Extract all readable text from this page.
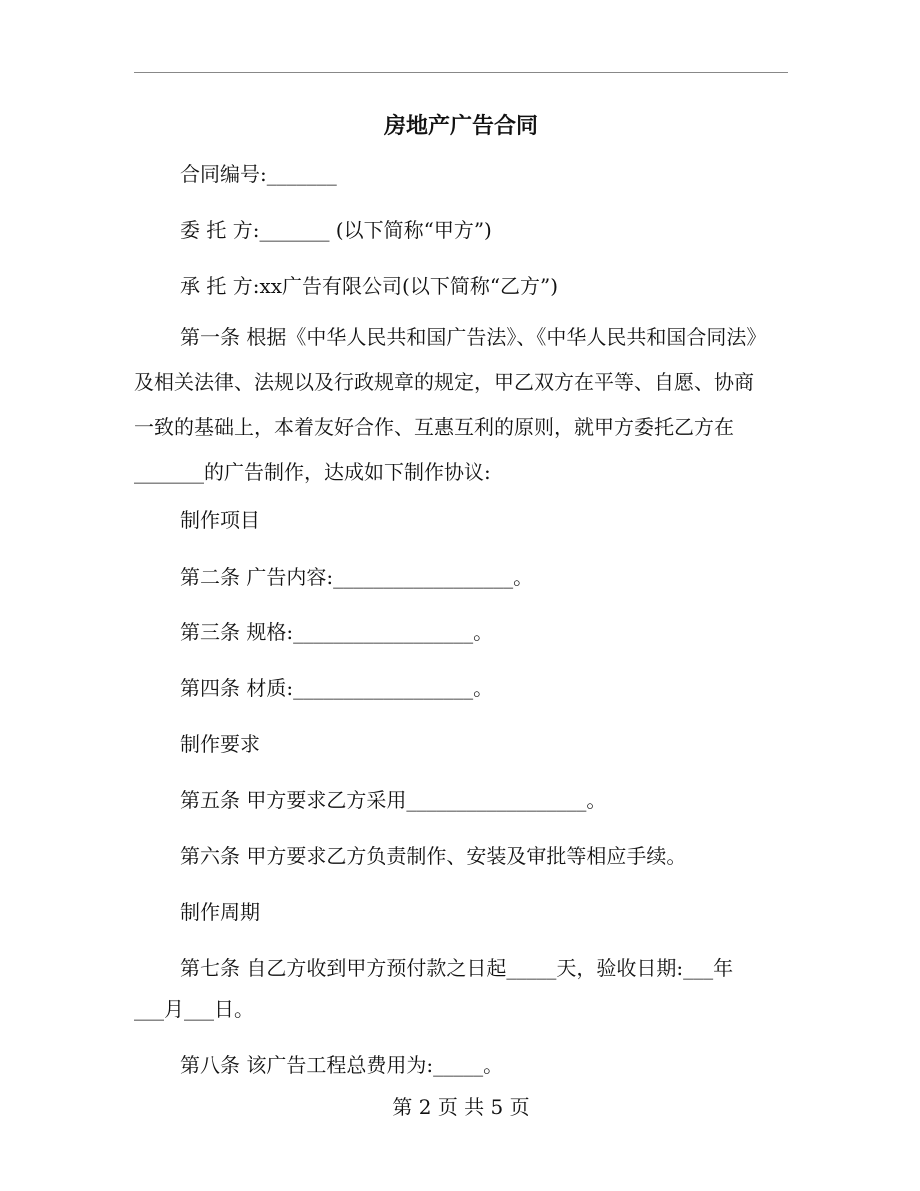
房地产广告合同
合同编号:_______
委 托 方:_______ (以下简称“甲方”)
承 托 方:xx广告有限公司(以下简称“乙方”)
第一条 根据《中华人民共和国广告法》、《中华人民共和国合同法》
及相关法律、法规以及行政规章的规定，甲乙双方在平等、自愿、协商
一致的基础上，本着友好合作、互惠互利的原则，就甲方委托乙方在
_______的广告制作，达成如下制作协议:
制作项目
第二条 广告内容:__________________。
第三条 规格:__________________。
第四条 材质:__________________。
制作要求
第五条 甲方要求乙方采用__________________。
第六条 甲方要求乙方负责制作、安装及审批等相应手续。
制作周期
第七条 自乙方收到甲方预付款之日起_____天，验收日期:___年
___月___日。
第八条 该广告工程总费用为:_____。
第 2 页 共 5 页
